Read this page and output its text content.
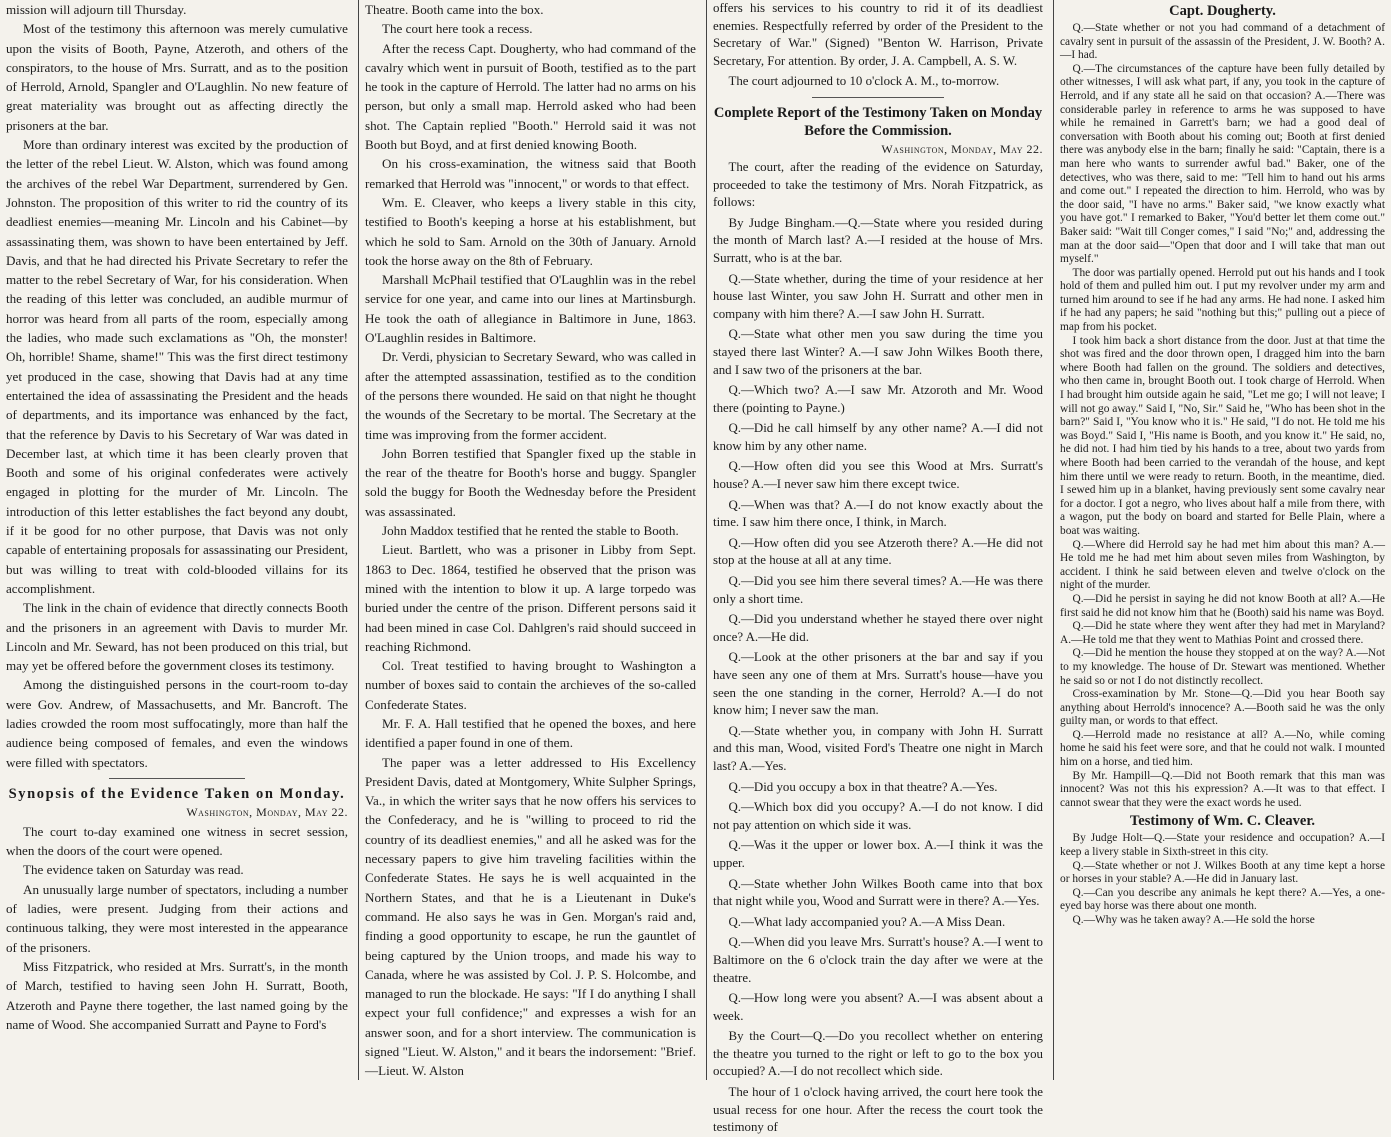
mission will adjourn till Thursday.

Most of the testimony this afternoon was merely cumulative upon the visits of Booth, Payne, Atzeroth, and others of the conspirators, to the house of Mrs. Surratt, and as to the position of Herrold, Arnold, Spangler and O'Laughlin. No new feature of great materiality was brought out as affecting directly the prisoners at the bar.

More than ordinary interest was excited by the production of the letter of the rebel Lieut. W. Alston, which was found among the archives of the rebel War Department, surrendered by Gen. Johnston. The proposition of this writer to rid the country of its deadliest enemies—meaning Mr. Lincoln and his Cabinet—by assassinating them, was shown to have been entertained by Jeff. Davis, and that he had directed his Private Secretary to refer the matter to the rebel Secretary of War, for his consideration. When the reading of this letter was concluded, an audible murmur of horror was heard from all parts of the room, especially among the ladies, who made such exclamations as "Oh, the monster! Oh, horrible! Shame, shame!" This was the first direct testimony yet produced in the case, showing that Davis had at any time entertained the idea of assassinating the President and the heads of departments, and its importance was enhanced by the fact, that the reference by Davis to his Secretary of War was dated in December last, at which time it has been clearly proven that Booth and some of his original confederates were actively engaged in plotting for the murder of Mr. Lincoln. The introduction of this letter establishes the fact beyond any doubt, if it be good for no other purpose, that Davis was not only capable of entertaining proposals for assassinating our President, but was willing to treat with cold-blooded villains for its accomplishment.

The link in the chain of evidence that directly connects Booth and the prisoners in an agreement with Davis to murder Mr. Lincoln and Mr. Seward, has not been produced on this trial, but may yet be offered before the government closes its testimony.

Among the distinguished persons in the court-room to-day were Gov. Andrew, of Massachusetts, and Mr. Bancroft. The ladies crowded the room most suffocatingly, more than half the audience being composed of females, and even the windows were filled with spectators.

Synopsis of the Evidence Taken on Monday.
Washington, Monday, May 22.

The court to-day examined one witness in secret session, when the doors of the court were opened.

The evidence taken on Saturday was read.

An unusually large number of spectators, including a number of ladies, were present. Judging from their actions and continuous talking, they were most interested in the appearance of the prisoners.

Miss Fitzpatrick, who resided at Mrs. Surratt's, in the month of March, testified to having seen John H. Surratt, Booth, Atzeroth and Payne there together, the last named going by the name of Wood. She accompanied Surratt and Payne to Ford's

Theatre. Booth came into the box.

The court here took a recess.

After the recess Capt. Dougherty, who had command of the cavalry which went in pursuit of Booth, testified as to the part he took in the capture of Herrold. The latter had no arms on his person, but only a small map. Herrold asked who had been shot. The Captain replied "Booth." Herrold said it was not Booth but Boyd, and at first denied knowing Booth.

On his cross-examination, the witness said that Booth remarked that Herrold was "innocent," or words to that effect.

Wm. E. Cleaver, who keeps a livery stable in this city, testified to Booth's keeping a horse at his establishment, but which he sold to Sam. Arnold on the 30th of January. Arnold took the horse away on the 8th of February.

Marshall McPhail testified that O'Laughlin was in the rebel service for one year, and came into our lines at Martinsburgh. He took the oath of allegiance in Baltimore in June, 1863. O'Laughlin resides in Baltimore.

Dr. Verdi, physician to Secretary Seward, who was called in after the attempted assassination, testified as to the condition of the persons there wounded. He said on that night he thought the wounds of the Secretary to be mortal. The Secretary at the time was improving from the former accident.

John Borren testified that Spangler fixed up the stable in the rear of the theatre for Booth's horse and buggy. Spangler sold the buggy for Booth the Wednesday before the President was assassinated.

John Maddox testified that he rented the stable to Booth.

Lieut. Bartlett, who was a prisoner in Libby from Sept. 1863 to Dec. 1864, testified he observed that the prison was mined with the intention to blow it up. A large torpedo was buried under the centre of the prison. Different persons said it had been mined in case Col. Dahlgren's raid should succeed in reaching Richmond.

Col. Treat testified to having brought to Washington a number of boxes said to contain the archieves of the so-called Confederate States.

Mr. F. A. Hall testified that he opened the boxes, and here identified a paper found in one of them.

The paper was a letter addressed to His Excellency President Davis, dated at Montgomery, White Sulpher Springs, Va., in which the writer says that he now offers his services to the Confederacy, and he is "willing to proceed to rid the country of its deadliest enemies," and all he asked was for the necessary papers to give him traveling facilities within the Confederate States. He says he is well acquainted in the Northern States, and that he is a Lieutenant in Duke's command. He also says he was in Gen. Morgan's raid and, finding a good opportunity to escape, he run the gauntlet of being captured by the Union troops, and made his way to Canada, where he was assisted by Col. J. P. S. Holcombe, and managed to run the blockade. He says: "If I do anything I shall expect your full confidence;" and expresses a wish for an answer soon, and for a short interview. The communication is signed "Lieut. W. Alston," and it bears the indorsement: "Brief.—Lieut. W. Alston

offers his services to his country to rid it of its deadliest enemies. Respectfully referred by order of the President to the Secretary of War." (Signed) "Benton W. Harrison, Private Secretary, For attention. By order, J. A. Campbell, A. S. W.

The court adjourned to 10 o'clock A. M., to-morrow.

Complete Report of the Testimony Taken on Monday Before the Commission.
Washington, Monday, May 22.

The court, after the reading of the evidence on Saturday, proceeded to take the testimony of Mrs. Norah Fitzpatrick, as follows:

By Judge Bingham.—Q.—State where you resided during the month of March last? A.—I resided at the house of Mrs. Surratt, who is at the bar.

Q.—State whether, during the time of your residence at her house last Winter, you saw John H. Surratt and other men in company with him there? A.—I saw John H. Surratt.

Q.—State what other men you saw during the time you stayed there last Winter? A.—I saw John Wilkes Booth there, and I saw two of the prisoners at the bar.

Q.—Which two? A.—I saw Mr. Atzoroth and Mr. Wood there (pointing to Payne.)

Q.—Did he call himself by any other name? A.—I did not know him by any other name.

Q.—How often did you see this Wood at Mrs. Surratt's house? A.—I never saw him there except twice.

Q.—When was that? A.—I do not know exactly about the time. I saw him there once, I think, in March.

Q.—How often did you see Atzeroth there? A.—He did not stop at the house at all at any time.

Q.—Did you see him there several times? A.—He was there only a short time.

Q.—Did you understand whether he stayed there over night once? A.—He did.

Q.—Look at the other prisoners at the bar and say if you have seen any one of them at Mrs. Surratt's house—have you seen the one standing in the corner, Herrold? A.—I do not know him; I never saw the man.

Q.—State whether you, in company with John H. Surratt and this man, Wood, visited Ford's Theatre one night in March last? A.—Yes.

Q.—Did you occupy a box in that theatre? A.—Yes.

Q.—Which box did you occupy? A.—I do not know. I did not pay attention on which side it was.

Q.—Was it the upper or lower box. A.—I think it was the upper.

Q.—State whether John Wilkes Booth came into that box that night while you, Wood and Surratt were in there? A.—Yes.

Q.—What lady accompanied you? A.—A Miss Dean.

Q.—When did you leave Mrs. Surratt's house? A.—I went to Baltimore on the 6 o'clock train the day after we were at the theatre.

Q.—How long were you absent? A.—I was absent about a week.

By the Court—Q.—Do you recollect whether on entering the theatre you turned to the right or left to go to the box you occupied? A.—I do not recollect which side.

The hour of 1 o'clock having arrived, the court here took the usual recess for one hour. After the recess the court took the testimony of

Capt. Dougherty.

Q.—State whether or not you had command of a detachment of cavalry sent in pursuit of the assassin of the President, J. W. Booth? A.—I had.

Q.—The circumstances of the capture have been fully detailed by other witnesses, I will ask what part, if any, you took in the capture of Herrold, and if any state all he said on that occasion? A.—There was considerable parley in reference to arms he was supposed to have while he remained in Garrett's barn; we had a good deal of conversation with Booth about his coming out; Booth at first denied there was anybody else in the barn; finally he said: "Captain, there is a man here who wants to surrender awful bad." Baker, one of the detectives, who was there, said to me: "Tell him to hand out his arms and come out." I repeated the direction to him. Herrold, who was by the door said, "I have no arms." Baker said, "we know exactly what you have got." I remarked to Baker, "You'd better let them come out." Baker said: "Wait till Conger comes," I said "No;" and, addressing the man at the door said—"Open that door and I will take that man out myself."

The door was partially opened. Herrold put out his hands and I took hold of them and pulled him out. I put my revolver under my arm and turned him around to see if he had any arms. He had none. I asked him if he had any papers; he said "nothing but this;" pulling out a piece of map from his pocket.

I took him back a short distance from the door. Just at that time the shot was fired and the door thrown open, I dragged him into the barn where Booth had fallen on the ground. The soldiers and detectives, who then came in, brought Booth out. I took charge of Herrold. When I had brought him outside again he said, "Let me go; I will not leave; I will not go away." Said I, "No, Sir." Said he, "Who has been shot in the barn?" Said I, "You know who it is." He said, "I do not. He told me his was Boyd." Said I, "His name is Booth, and you know it." He said, no, he did not. I had him tied by his hands to a tree, about two yards from where Booth had been carried to the verandah of the house, and kept him there until we were ready to return. Booth, in the meantime, died. I sewed him up in a blanket, having previously sent some cavalry near for a doctor. I got a negro, who lives about half a mile from there, with a wagon, put the body on board and started for Belle Plain, where a boat was waiting.

Q.—Where did Herrold say he had met him about this man? A.—He told me he had met him about seven miles from Washington, by accident. I think he said between eleven and twelve o'clock on the night of the murder.

Q.—Did he persist in saying he did not know Booth at all? A.—He first said he did not know him that he (Booth) said his name was Boyd.

Q.—Did he state where they went after they had met in Maryland? A.—He told me that they went to Mathias Point and crossed there.

Q.—Did he mention the house they stopped at on the way? A.—Not to my knowledge. The house of Dr. Stewart was mentioned. Whether he said so or not I do not distinctly recollect.

Cross-examination by Mr. Stone—Q.—Did you hear Booth say anything about Herrold's innocence? A.—Booth said he was the only guilty man, or words to that effect.

Q.—Herrold made no resistance at all? A.—No, while coming home he said his feet were sore, and that he could not walk. I mounted him on a horse, and tied him.

By Mr. Hampill—Q.—Did not Booth remark that this man was innocent? Was not this his expression? A.—It was to that effect. I cannot swear that they were the exact words he used.

Testimony of Wm. C. Cleaver.

By Judge Holt—Q.—State your residence and occupation? A.—I keep a livery stable in Sixth-street in this city.

Q.—State whether or not J. Wilkes Booth at any time kept a horse or horses in your stable? A.—He did in January last.

Q.—Can you describe any animals he kept there? A.—Yes, a one-eyed bay horse was there about one month.

Q.—Why was he taken away? A.—He sold the horse
